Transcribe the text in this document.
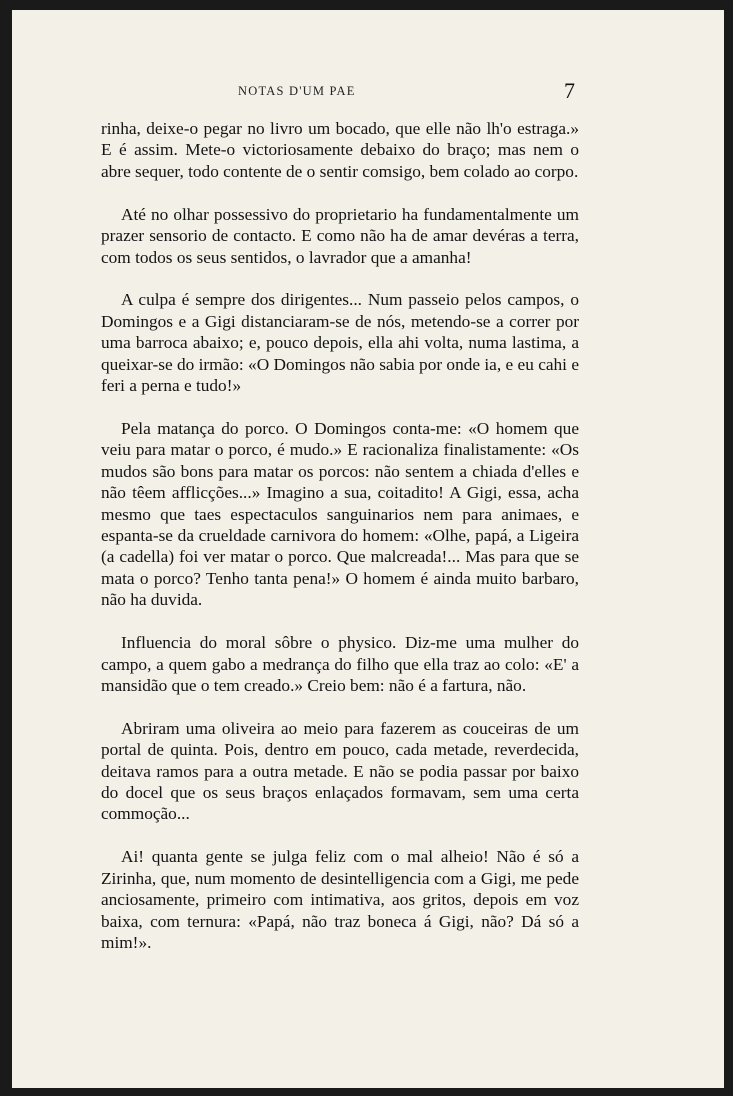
NOTAS D'UM PAE	7

rinha, deixe-o pegar no livro um bocado, que elle não lh'o estraga.» E é assim. Mete-o victoriosamente debaixo do braço; mas nem o abre sequer, todo contente de o sentir comsigo, bem colado ao corpo.

Até no olhar possessivo do proprietario ha fundamentalmente um prazer sensorio de contacto. E como não ha de amar devéras a terra, com todos os seus sentidos, o lavrador que a amanha!

A culpa é sempre dos dirigentes... Num passeio pelos campos, o Domingos e a Gigi distanciaram-se de nós, metendo-se a correr por uma barroca abaixo; e, pouco depois, ella ahi volta, numa lastima, a queixar-se do irmão: «O Domingos não sabia por onde ia, e eu cahi e feri a perna e tudo!»

Pela matança do porco. O Domingos conta-me: «O homem que veiu para matar o porco, é mudo.» E racionaliza finalistamente: «Os mudos são bons para matar os porcos: não sentem a chiada d'elles e não têem afflicções...» Imagino a sua, coitadito! A Gigi, essa, acha mesmo que taes espectaculos sanguinarios nem para animaes, e espanta-se da crueldade carnivora do homem: «Olhe, papá, a Ligeira (a cadella) foi ver matar o porco. Que malcreada!... Mas para que se mata o porco? Tenho tanta pena!» O homem é ainda muito barbaro, não ha duvida.

Influencia do moral sôbre o physico. Diz-me uma mulher do campo, a quem gabo a medrança do filho que ella traz ao colo: «E' a mansidão que o tem creado.» Creio bem: não é a fartura, não.

Abriram uma oliveira ao meio para fazerem as couceiras de um portal de quinta. Pois, dentro em pouco, cada metade, reverdecida, deitava ramos para a outra metade. E não se podia passar por baixo do docel que os seus braços enlaçados formavam, sem uma certa commoção...

Ai! quanta gente se julga feliz com o mal alheio! Não é só a Zirinha, que, num momento de desintelligencia com a Gigi, me pede anciosamente, primeiro com intimativa, aos gritos, depois em voz baixa, com ternura: «Papá, não traz boneca á Gigi, não? Dá só a mim!».
